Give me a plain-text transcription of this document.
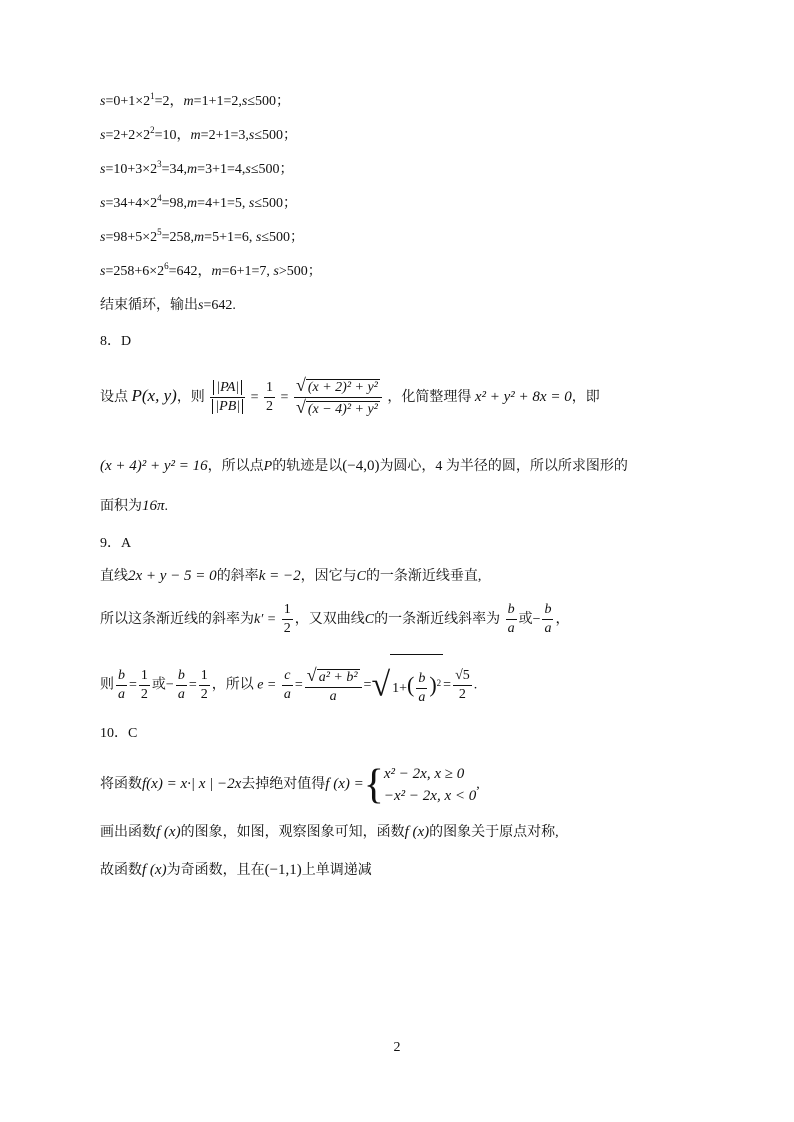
$s=0+1\times 2^1=2$，m=1+1=2,s≤500；
$s=2+2\times 2^2=10$，m=2+1=3,s≤500；
$s=10+3\times 2^3=34,m=3+1=4,s\le 500$；
$s=34+4\times 2^4=98,m=4+1=5$, s≤500；
$s=98+5\times 2^5=258,m=5+1=6$, s≤500；
$s=258+6\times 2^6=642$，m=6+1=7, s>500；
结束循环，输出s=642.
8．D
设点 P(x, y)，则 $\frac{|PA|}{|PB|} = \frac{1}{2} = \frac{\text{√ (x + 2)² + y²}}{\text{√ (x − 4)² + y²}}$ ，化简整理得 x² + y² + 8x = 0，即
(x + 4)² + y² = 16，所以点P的轨迹是以(−4,0)为圆心，4 为半径的圆，所以所求图形的
面积为16π.
9．A
直线2x + y − 5 = 0的斜率k = −2，因它与C的一条渐近线垂直,
所以这条渐近线的斜率为$k' = \frac{1}{2}$ ，又双曲线C的一条渐近线斜率为 $\frac{b}{a}$ 或− $\frac{b}{a}$ ，
则 $\frac{b}{a} = \frac{1}{2}$ 或− $\frac{b}{a} = \frac{1}{2}$ ，所以 $e = \frac{c}{a} = \frac{\text{√ a² + b²}}{a}$ =√ $1+( \frac{b}{a} )^2 = \frac{√5}{2}$ .
10．C
将函数f(x) = x·| x | −2x去掉绝对值得f (x) ={ x² − 2x, x ≥ 0
−x² − 2x, x < 0
,
画出函数f (x)的图象，如图，观察图象可知，函数f (x)的图象关于原点对称,
故函数f (x)为奇函数，且在(−1,1)上单调递减
2
